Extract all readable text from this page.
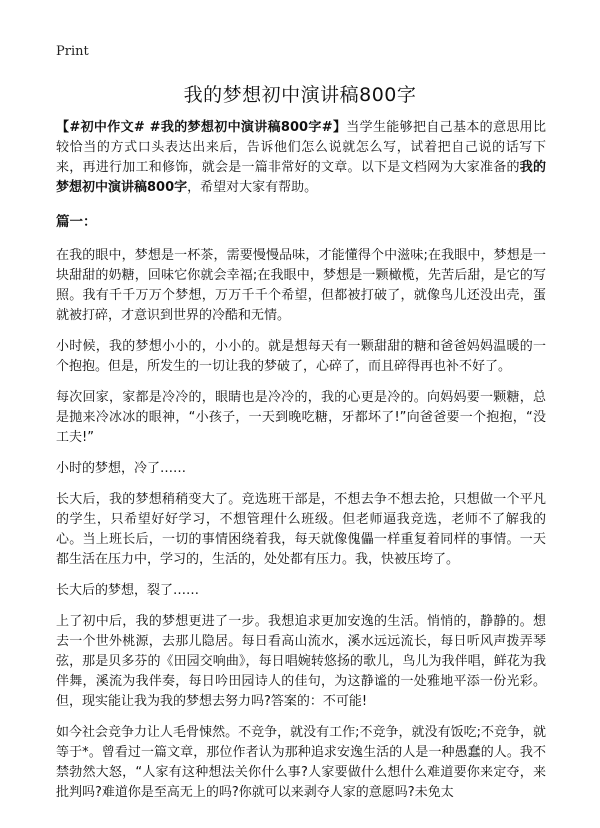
Print
我的梦想初中演讲稿800字

【#初中作文# #我的梦想初中演讲稿800字#】当学生能够把自己基本的意思用比较恰当的方式口头表达出来后，告诉他们怎么说就怎么写，试着把自己说的话写下来，再进行加工和修饰，就会是一篇非常好的文章。以下是文档网为大家准备的我的梦想初中演讲稿800字，希望对大家有帮助。

篇一：

在我的眼中，梦想是一杯茶，需要慢慢品味，才能懂得个中滋味;在我眼中，梦想是一块甜甜的奶糖，回味它你就会幸福;在我眼中，梦想是一颗橄榄，先苦后甜，是它的写照。我有千千万万个梦想，万万千千个希望，但都被打破了，就像鸟儿还没出壳，蛋就被打碎，才意识到世界的冷酷和无情。

小时候，我的梦想小小的，小小的。就是想每天有一颗甜甜的糖和爸爸妈妈温暖的一个抱抱。但是，所发生的一切让我的梦破了，心碎了，而且碎得再也补不好了。

每次回家，家都是冷冷的，眼睛也是冷冷的，我的心更是冷的。向妈妈要一颗糖，总是抛来冷冰冰的眼神，“小孩子，一天到晚吃糖，牙都坏了!”向爸爸要一个抱抱，“没工夫!”

小时的梦想，冷了……

长大后，我的梦想稍稍变大了。竞选班干部是，不想去争不想去抢，只想做一个平凡的学生，只希望好好学习，不想管理什么班级。但老师逼我竞选，老师不了解我的心。当上班长后，一切的事情困绕着我，每天就像傀儡一样重复着同样的事情。一天都生活在压力中，学习的，生活的，处处都有压力。我，快被压垮了。

长大后的梦想，裂了……

上了初中后，我的梦想更进了一步。我想追求更加安逸的生活。悄悄的，静静的。想去一个世外桃源，去那儿隐居。每日看高山流水，溪水远远流长，每日听风声拨弄琴弦，那是贝多芬的《田园交响曲》，每日唱婉转悠扬的歌儿，鸟儿为我伴唱，鲜花为我伴舞，溪流为我伴奏，每日吟田园诗人的佳句，为这静谧的一处雅地平添一份光彩。但，现实能让我为我的梦想去努力吗?答案的：不可能!

如今社会竞争力让人毛骨悚然。不竞争，就没有工作;不竞争，就没有饭吃;不竞争，就等于*。曾看过一篇文章，那位作者认为那种追求安逸生活的人是一种愚蠢的人。我不禁勃然大怒，“人家有这种想法关你什么事?人家要做什么想什么难道要你来定夺，来批判吗?难道你是至高无上的吗?你就可以来剥夺人家的意愿吗?未免太
